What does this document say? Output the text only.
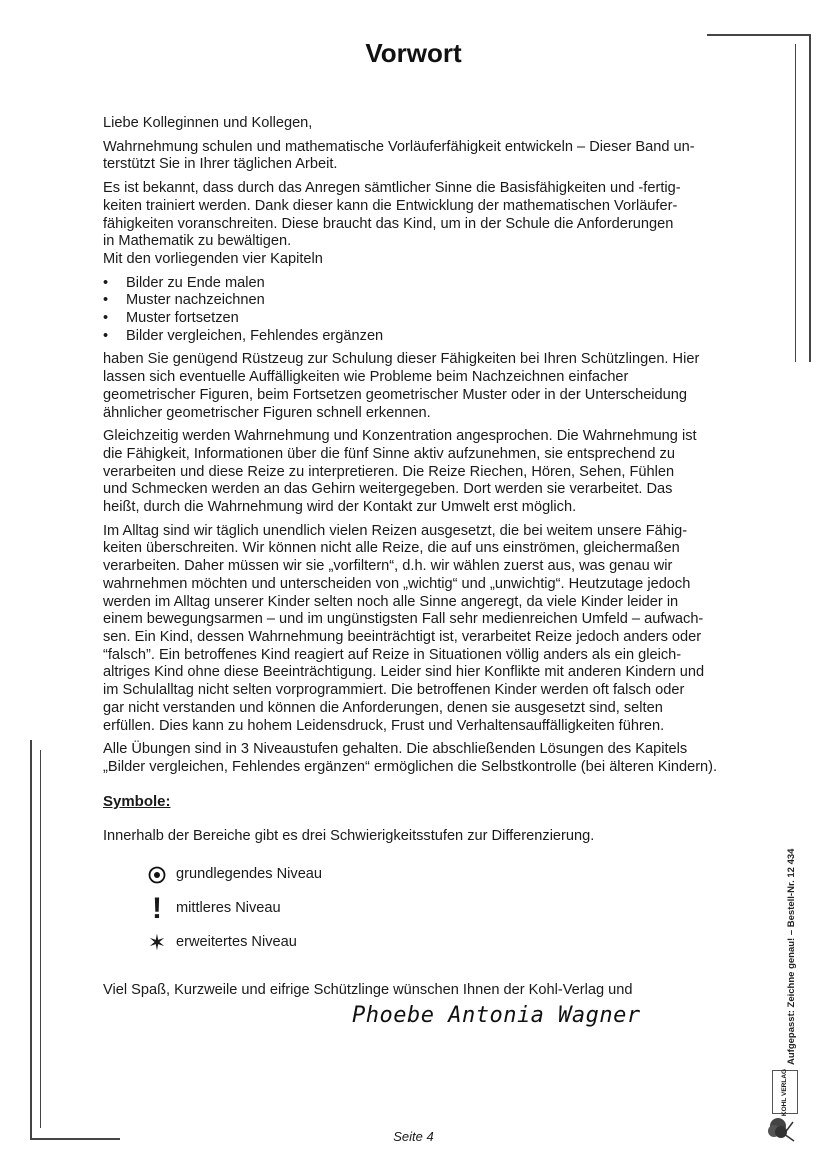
Vorwort

Liebe Kolleginnen und Kollegen,

Wahrnehmung schulen und mathematische Vorläuferfähigkeit entwickeln – Dieser Band un-
terstützt Sie in Ihrer täglichen Arbeit.

Es ist bekannt, dass durch das Anregen sämtlicher Sinne die Basisfähigkeiten und -fertig-
keiten trainiert werden. Dank dieser kann die Entwicklung der mathematischen Vorläufer-
fähigkeiten voranschreiten. Diese braucht das Kind, um in der Schule die Anforderungen
in Mathematik zu bewältigen.
Mit den vorliegenden vier Kapiteln

•	Bilder zu Ende malen
•	Muster nachzeichnen
•	Muster fortsetzen
•	Bilder vergleichen, Fehlendes ergänzen

haben Sie genügend Rüstzeug zur Schulung dieser Fähigkeiten bei Ihren Schützlingen. Hier
lassen sich eventuelle Auffälligkeiten wie Probleme beim Nachzeichnen einfacher
geometrischer Figuren, beim Fortsetzen geometrischer Muster oder in der Unterscheidung
ähnlicher geometrischer Figuren schnell erkennen.

Gleichzeitig werden Wahrnehmung und Konzentration angesprochen. Die Wahrnehmung ist
die Fähigkeit, Informationen über die fünf Sinne aktiv aufzunehmen, sie entsprechend zu
verarbeiten und diese Reize zu interpretieren. Die Reize Riechen, Hören, Sehen, Fühlen
und Schmecken werden an das Gehirn weitergegeben. Dort werden sie verarbeitet. Das
heißt, durch die Wahrnehmung wird der Kontakt zur Umwelt erst möglich.

Im Alltag sind wir täglich unendlich vielen Reizen ausgesetzt, die bei weitem unsere Fähig-
keiten überschreiten. Wir können nicht alle Reize, die auf uns einströmen, gleichermaßen
verarbeiten. Daher müssen wir sie „vorfiltern“, d.h. wir wählen zuerst aus, was genau wir
wahrnehmen möchten und unterscheiden von „wichtig“ und „unwichtig“. Heutzutage jedoch
werden im Alltag unserer Kinder selten noch alle Sinne angeregt, da viele Kinder leider in
einem bewegungsarmen – und im ungünstigsten Fall sehr medienreichen Umfeld – aufwach-
sen. Ein Kind, dessen Wahrnehmung beeinträchtigt ist, verarbeitet Reize jedoch anders oder
“falsch”. Ein betroffenes Kind reagiert auf Reize in Situationen völlig anders als ein gleich-
altriges Kind ohne diese Beeinträchtigung. Leider sind hier Konflikte mit anderen Kindern und
im Schulalltag nicht selten vorprogrammiert. Die betroffenen Kinder werden oft falsch oder
gar nicht verstanden und können die Anforderungen, denen sie ausgesetzt sind, selten
erfüllen. Dies kann zu hohem Leidensdruck, Frust und Verhaltensauffälligkeiten führen.

Alle Übungen sind in 3 Niveaustufen gehalten. Die abschließenden Lösungen des Kapitels
„Bilder vergleichen, Fehlendes ergänzen“ ermöglichen die Selbstkontrolle (bei älteren Kindern).

Symbole:

Innerhalb der Bereiche gibt es drei Schwierigkeitsstufen zur Differenzierung.

grundlegendes Niveau
! mittleres Niveau
✶ erweitertes Niveau

Viel Spaß, Kurzweile und eifrige Schützlinge wünschen Ihnen der Kohl-Verlag und

Phoebe Antonia Wagner
Seite 4
Aufgepasst: Zeichne genau! – Bestell-Nr. 12 434
KOHL VERLAG
